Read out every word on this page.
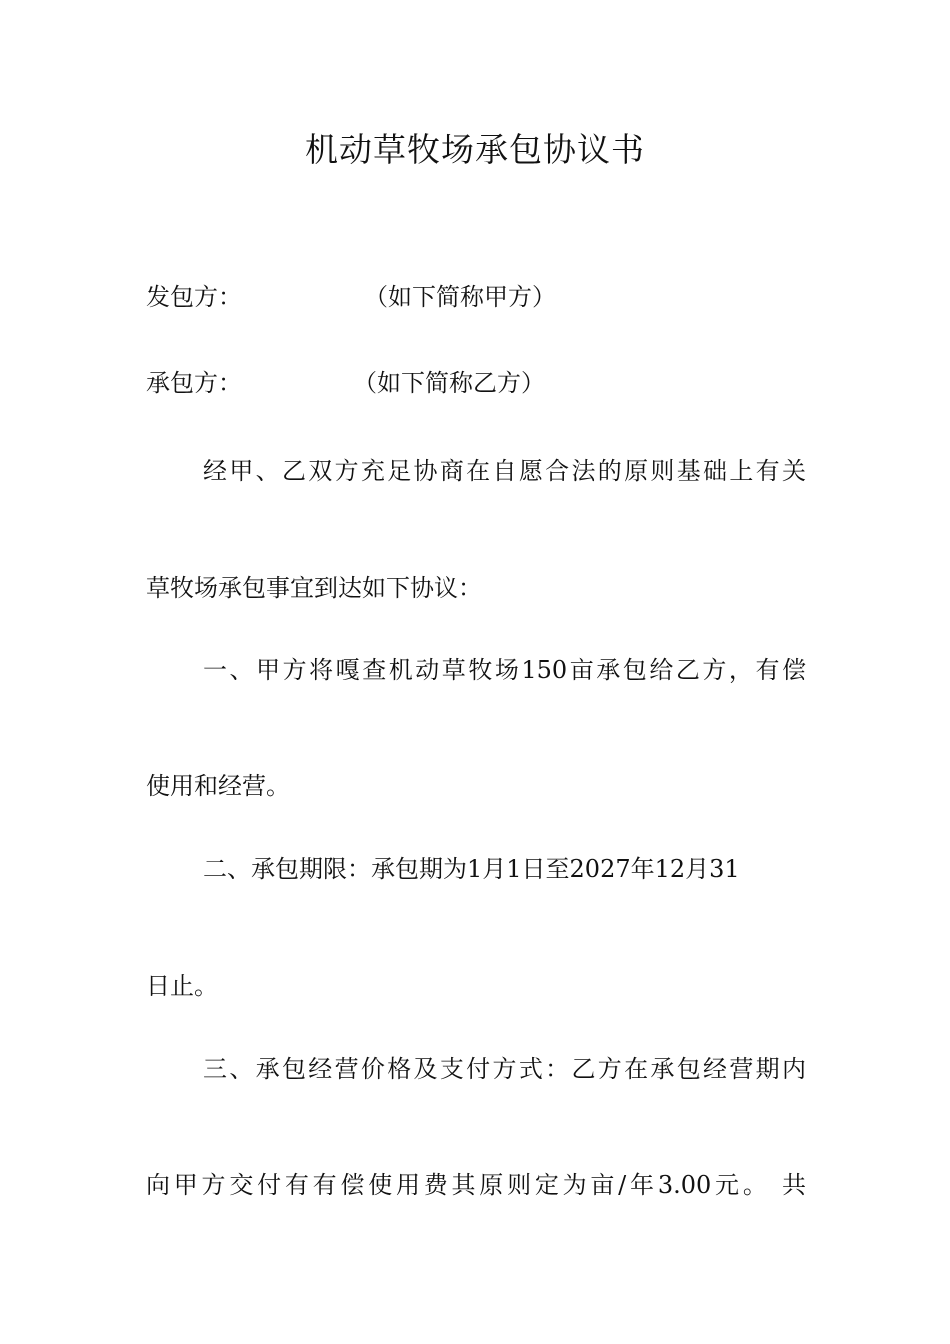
机动草牧场承包协议书
发包方：	（如下简称甲方）
承包方：	（如下简称乙方）
经甲、乙双方充足协商在自愿合法的原则基础上有关
草牧场承包事宜到达如下协议：
一、甲方将嘎查机动草牧场150亩承包给乙方，有偿
使用和经营。
二、承包期限：承包期为1月1日至2027年12月31
日止。
三、承包经营价格及支付方式：乙方在承包经营期内
向甲方交付有有偿使用费其原则定为亩/年3.00元。 共
